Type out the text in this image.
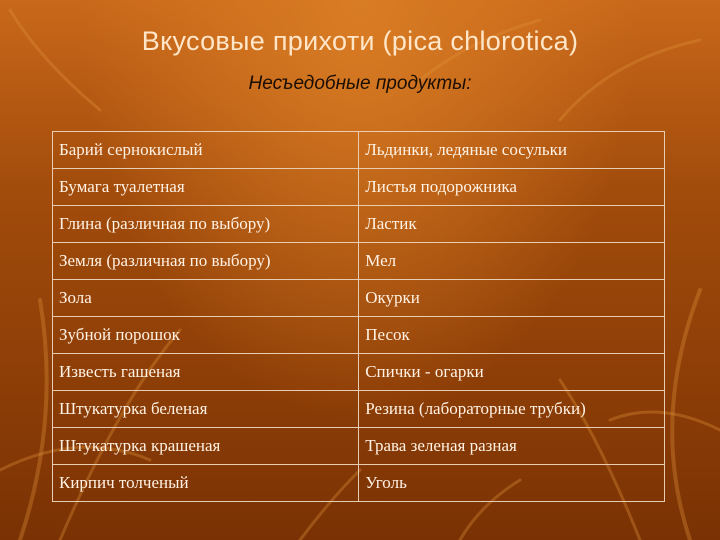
Вкусовые прихоти (pica chlorotica)
Несъедобные продукты:
Барий сернокислый	Льдинки, ледяные сосульки
Бумага туалетная	Листья подорожника
Глина (различная по выбору)	Ластик
Земля (различная по выбору)	Мел
Зола	Окурки
Зубной порошок	Песок
Известь гашеная	Спички - огарки
Штукатурка беленая	Резина (лабораторные трубки)
Штукатурка крашеная	Трава зеленая разная
Кирпич толченый	Уголь
